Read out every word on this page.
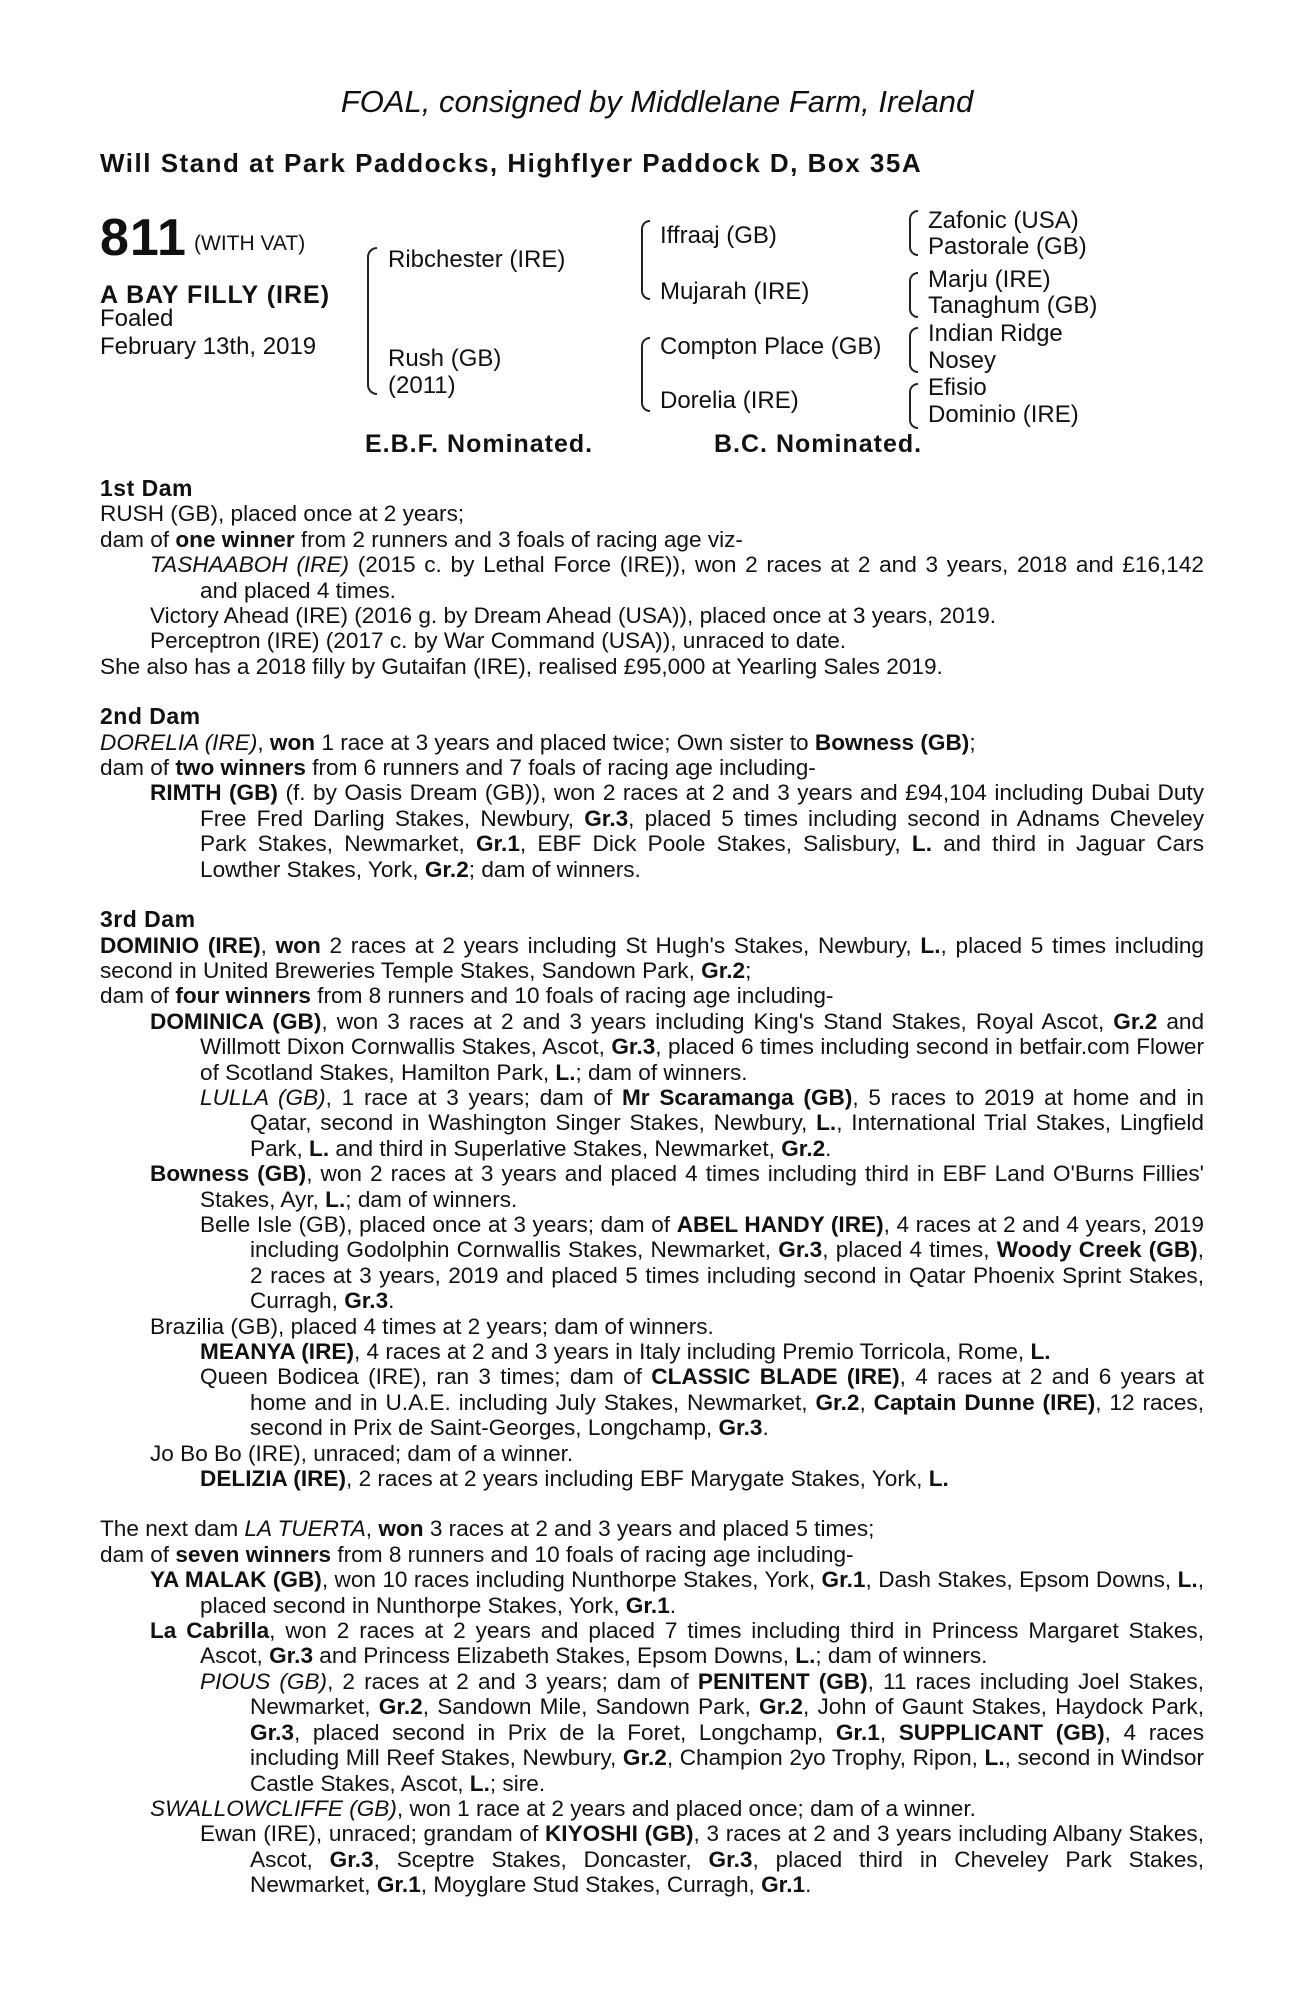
FOAL, consigned by Middlelane Farm, Ireland
Will Stand at Park Paddocks, Highflyer Paddock D, Box 35A
811 (WITH VAT)
A BAY FILLY (IRE)
Foaled
February 13th, 2019
Ribchester (IRE)
Rush (GB)
(2011)
Iffraaj (GB)
Mujarah (IRE)
Compton Place (GB)
Dorelia (IRE)
Zafonic (USA)
Pastorale (GB)
Marju (IRE)
Tanaghum (GB)
Indian Ridge
Nosey
Efisio
Dominio (IRE)
E.B.F. Nominated.	B.C. Nominated.

1st Dam

RUSH (GB), placed once at 2 years;

dam of one winner from 2 runners and 3 foals of racing age viz-

TASHAABOH (IRE) (2015 c. by Lethal Force (IRE)), won 2 races at 2 and 3 years, 2018 and £16,142 and placed 4 times.

Victory Ahead (IRE) (2016 g. by Dream Ahead (USA)), placed once at 3 years, 2019.

Perceptron (IRE) (2017 c. by War Command (USA)), unraced to date.

She also has a 2018 filly by Gutaifan (IRE), realised £95,000 at Yearling Sales 2019.

2nd Dam

DORELIA (IRE), won 1 race at 3 years and placed twice; Own sister to Bowness (GB);

dam of two winners from 6 runners and 7 foals of racing age including-

RIMTH (GB) (f. by Oasis Dream (GB)), won 2 races at 2 and 3 years and £94,104 including Dubai Duty Free Fred Darling Stakes, Newbury, Gr.3, placed 5 times including second in Adnams Cheveley Park Stakes, Newmarket, Gr.1, EBF Dick Poole Stakes, Salisbury, L. and third in Jaguar Cars Lowther Stakes, York, Gr.2; dam of winners.

3rd Dam

DOMINIO (IRE), won 2 races at 2 years including St Hugh's Stakes, Newbury, L., placed 5 times including second in United Breweries Temple Stakes, Sandown Park, Gr.2;

dam of four winners from 8 runners and 10 foals of racing age including-

DOMINICA (GB), won 3 races at 2 and 3 years including King's Stand Stakes, Royal Ascot, Gr.2 and Willmott Dixon Cornwallis Stakes, Ascot, Gr.3, placed 6 times including second in betfair.com Flower of Scotland Stakes, Hamilton Park, L.; dam of winners.

LULLA (GB), 1 race at 3 years; dam of Mr Scaramanga (GB), 5 races to 2019 at home and in Qatar, second in Washington Singer Stakes, Newbury, L., International Trial Stakes, Lingfield Park, L. and third in Superlative Stakes, Newmarket, Gr.2.

Bowness (GB), won 2 races at 3 years and placed 4 times including third in EBF Land O'Burns Fillies' Stakes, Ayr, L.; dam of winners.

Belle Isle (GB), placed once at 3 years; dam of ABEL HANDY (IRE), 4 races at 2 and 4 years, 2019 including Godolphin Cornwallis Stakes, Newmarket, Gr.3, placed 4 times, Woody Creek (GB), 2 races at 3 years, 2019 and placed 5 times including second in Qatar Phoenix Sprint Stakes, Curragh, Gr.3.

Brazilia (GB), placed 4 times at 2 years; dam of winners.

MEANYA (IRE), 4 races at 2 and 3 years in Italy including Premio Torricola, Rome, L.

Queen Bodicea (IRE), ran 3 times; dam of CLASSIC BLADE (IRE), 4 races at 2 and 6 years at home and in U.A.E. including July Stakes, Newmarket, Gr.2, Captain Dunne (IRE), 12 races, second in Prix de Saint-Georges, Longchamp, Gr.3.

Jo Bo Bo (IRE), unraced; dam of a winner.

DELIZIA (IRE), 2 races at 2 years including EBF Marygate Stakes, York, L.

The next dam LA TUERTA, won 3 races at 2 and 3 years and placed 5 times;

dam of seven winners from 8 runners and 10 foals of racing age including-

YA MALAK (GB), won 10 races including Nunthorpe Stakes, York, Gr.1, Dash Stakes, Epsom Downs, L., placed second in Nunthorpe Stakes, York, Gr.1.

La Cabrilla, won 2 races at 2 years and placed 7 times including third in Princess Margaret Stakes, Ascot, Gr.3 and Princess Elizabeth Stakes, Epsom Downs, L.; dam of winners.

PIOUS (GB), 2 races at 2 and 3 years; dam of PENITENT (GB), 11 races including Joel Stakes, Newmarket, Gr.2, Sandown Mile, Sandown Park, Gr.2, John of Gaunt Stakes, Haydock Park, Gr.3, placed second in Prix de la Foret, Longchamp, Gr.1, SUPPLICANT (GB), 4 races including Mill Reef Stakes, Newbury, Gr.2, Champion 2yo Trophy, Ripon, L., second in Windsor Castle Stakes, Ascot, L.; sire.

SWALLOWCLIFFE (GB), won 1 race at 2 years and placed once; dam of a winner.

Ewan (IRE), unraced; grandam of KIYOSHI (GB), 3 races at 2 and 3 years including Albany Stakes, Ascot, Gr.3, Sceptre Stakes, Doncaster, Gr.3, placed third in Cheveley Park Stakes, Newmarket, Gr.1, Moyglare Stud Stakes, Curragh, Gr.1.
